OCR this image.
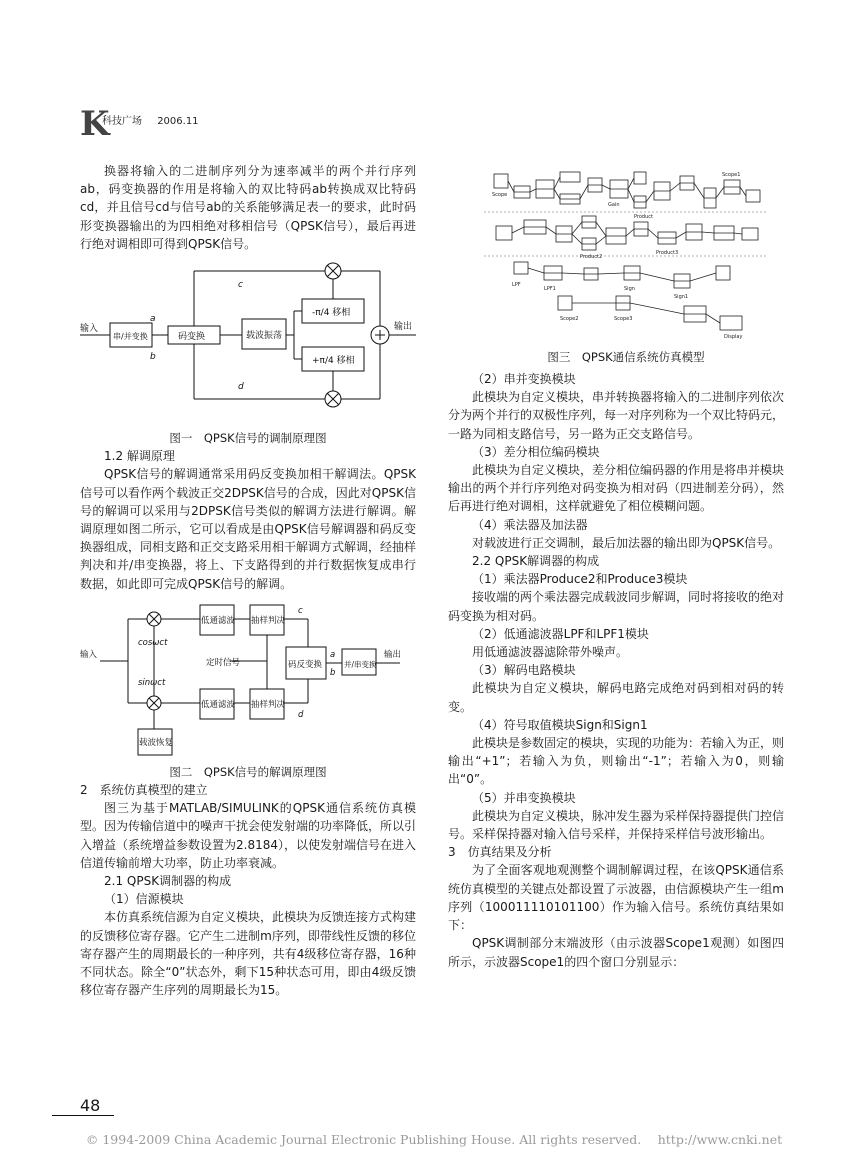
K
科技广场 2006.11

换器将输入的二进制序列分为速率减半的两个并行序列ab，码变换器的作用是将输入的双比特码ab转换成双比特码cd，并且信号cd与信号ab的关系能够满足表一的要求，此时码形变换器输出的为四相绝对移相信号（QPSK信号），最后再进行绝对调相即可得到QPSK信号。

输入
串/并变换	码变换	载波振荡
-π/4 移相
+π/4 移相
输出
a
b
c
d

图一　QPSK信号的调制原理图

1.2 解调原理

QPSK信号的解调通常采用码反变换加相干解调法。QPSK信号可以看作两个载波正交2DPSK信号的合成，因此对QPSK信号的解调可以采用与2DPSK信号类似的解调方法进行解调。解调原理如图二所示，它可以看成是由QPSK信号解调器和码反变换器组成，同相支路和正交支路采用相干解调方式解调，经抽样判决和并/串变换器，将上、下支路得到的并行数据恢复成串行数据，如此即可完成QPSK信号的解调。

输入
低通滤波 抽样判决
低通滤波 抽样判决
cosωct
sinωct
定时信号	码反变换	并/串变换
输出
载波恢复
c
d
a
b

图二　QPSK信号的解调原理图

2　系统仿真模型的建立

图三为基于MATLAB/SIMULINK的QPSK通信系统仿真模型。因为传输信道中的噪声干扰会使发射端的功率降低，所以引入增益（系统增益参数设置为2.8184），以使发射端信号在进入信道传输前增大功率，防止功率衰减。

2.1 QPSK调制器的构成

（1）信源模块

本仿真系统信源为自定义模块，此模块为反馈连接方式构建的反馈移位寄存器。它产生二进制m序列，即带线性反馈的移位寄存器产生的周期最长的一种序列，共有4级移位寄存器，16种不同状态。除全“0”状态外，剩下15种状态可用，即由4级反馈移位寄存器产生序列的周期最长为15。

Scope
Gain
Scope1
Scope2	Scope3
Product
Product2
Product3
LPF
LPF1	Sign
Sign1
Display

图三　QPSK通信系统仿真模型

（2）串并变换模块

此模块为自定义模块，串并转换器将输入的二进制序列依次分为两个并行的双极性序列，每一对序列称为一个双比特码元，一路为同相支路信号，另一路为正交支路信号。

（3）差分相位编码模块

此模块为自定义模块，差分相位编码器的作用是将串并模块输出的两个并行序列绝对码变换为相对码（四进制差分码），然后再进行绝对调相，这样就避免了相位模糊问题。

（4）乘法器及加法器

对载波进行正交调制，最后加法器的输出即为QPSK信号。

2.2 QPSK解调器的构成

（1）乘法器Produce2和Produce3模块

接收端的两个乘法器完成载波同步解调，同时将接收的绝对码变换为相对码。

（2）低通滤波器LPF和LPF1模块

用低通滤波器滤除带外噪声。

（3）解码电路模块

此模块为自定义模块，解码电路完成绝对码到相对码的转变。

（4）符号取值模块Sign和Sign1

此模块是参数固定的模块，实现的功能为：若输入为正，则输出“+1”；若输入为负，则输出“-1”；若输入为0，则输出“0”。

（5）并串变换模块

此模块为自定义模块，脉冲发生器为采样保持器提供门控信号。采样保持器对输入信号采样，并保持采样信号波形输出。

3　仿真结果及分析

为了全面客观地观测整个调制解调过程，在该QPSK通信系统仿真模型的关键点处都设置了示波器，由信源模块产生一组m序列（100011110101100）作为输入信号。系统仿真结果如下：

QPSK调制部分末端波形（由示波器Scope1观测）如图四所示，示波器Scope1的四个窗口分别显示：

48
© 1994-2009 China Academic Journal Electronic Publishing House. All rights reserved.　 http://www.cnki.net
